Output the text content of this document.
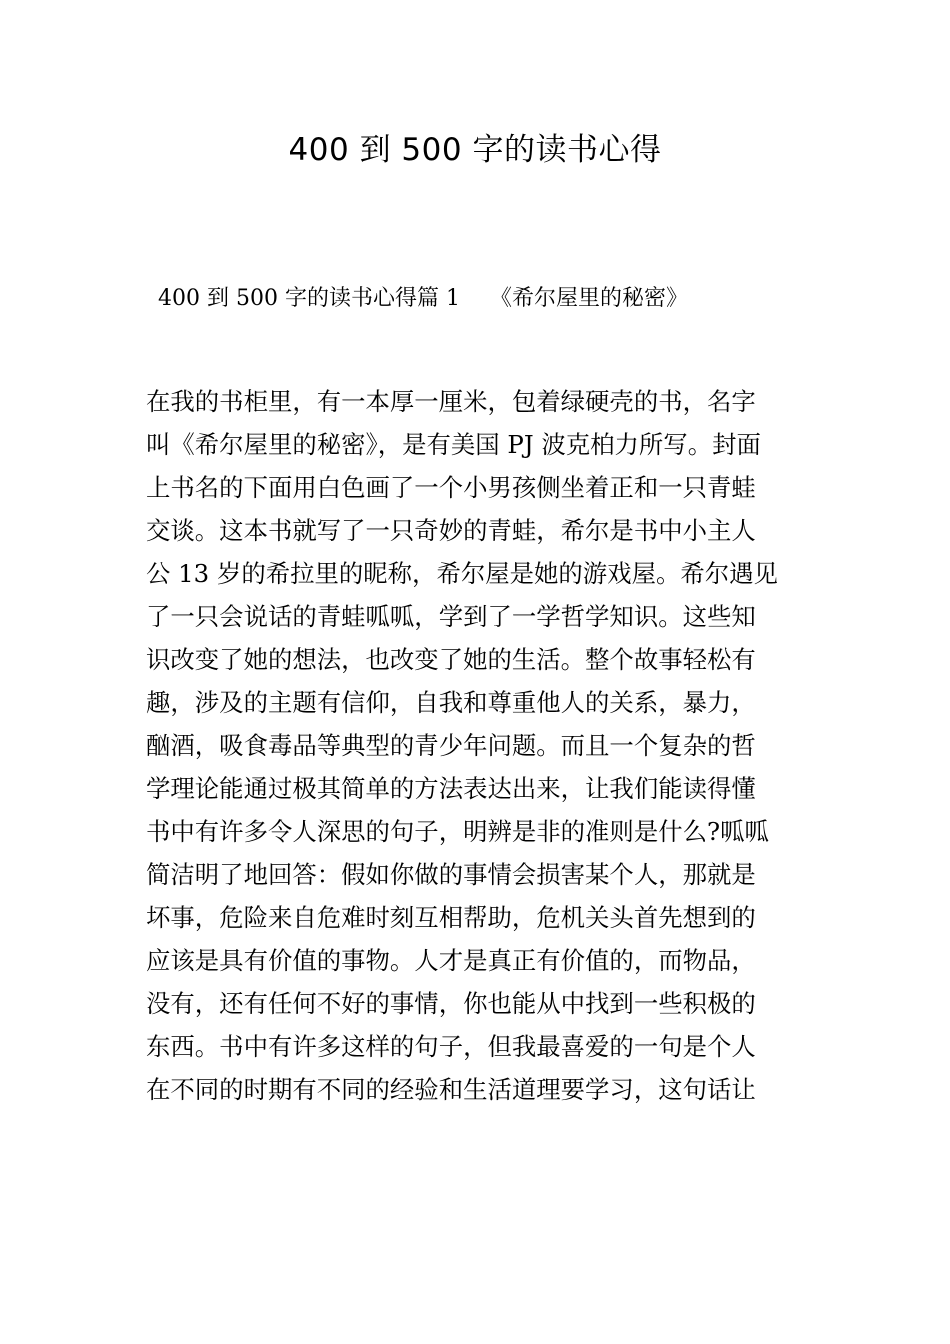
400 到 500 字的读书心得
400 到 500 字的读书心得篇 1 《希尔屋里的秘密》
在我的书柜里，有一本厚一厘米，包着绿硬壳的书，名字
叫《希尔屋里的秘密》，是有美国 PJ 波克柏力所写。封面
上书名的下面用白色画了一个小男孩侧坐着正和一只青蛙
交谈。这本书就写了一只奇妙的青蛙，希尔是书中小主人
公 13 岁的希拉里的昵称，希尔屋是她的游戏屋。希尔遇见
了一只会说话的青蛙呱呱，学到了一学哲学知识。这些知
识改变了她的想法，也改变了她的生活。整个故事轻松有
趣，涉及的主题有信仰，自我和尊重他人的关系，暴力，
酗酒，吸食毒品等典型的青少年问题。而且一个复杂的哲
学理论能通过极其简单的方法表达出来，让我们能读得懂
书中有许多令人深思的句子，明辨是非的准则是什么?呱呱
简洁明了地回答：假如你做的事情会损害某个人，那就是
坏事，危险来自危难时刻互相帮助，危机关头首先想到的
应该是具有价值的事物。人才是真正有价值的，而物品，
没有，还有任何不好的事情，你也能从中找到一些积极的
东西。书中有许多这样的句子，但我最喜爱的一句是个人
在不同的时期有不同的经验和生活道理要学习，这句话让
